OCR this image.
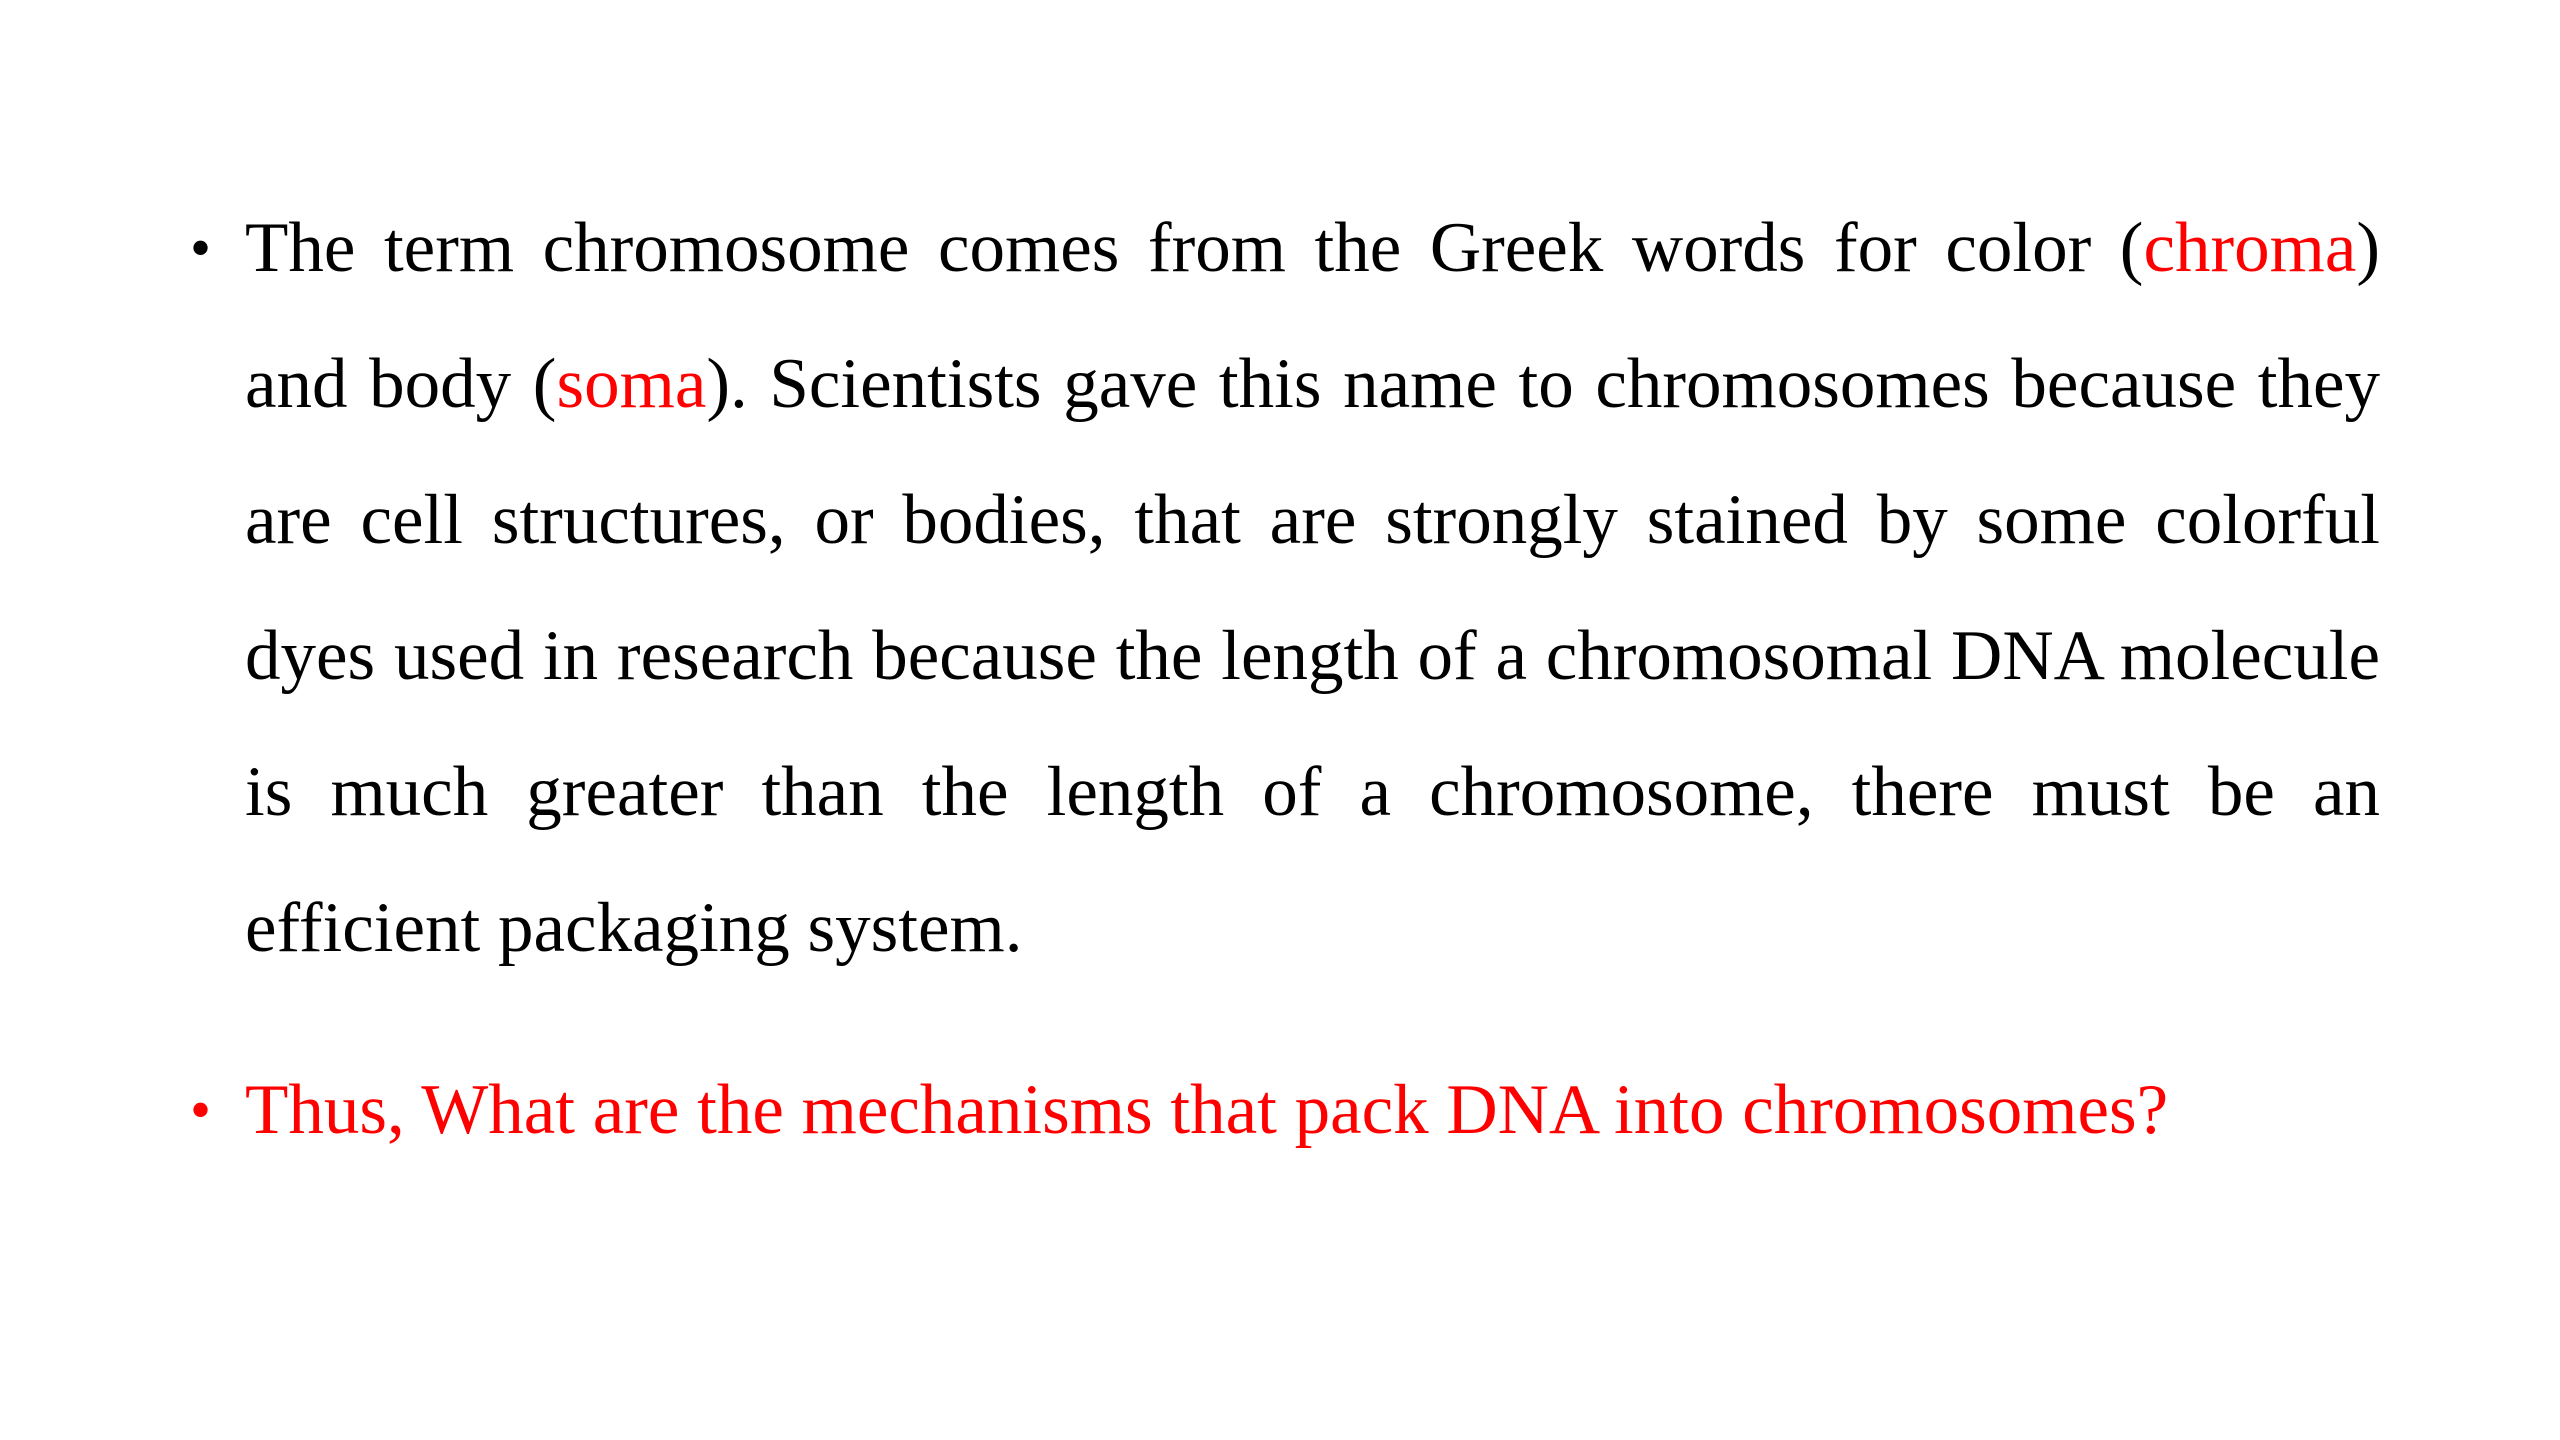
• The term chromosome comes from the Greek words for color (chroma) and body (soma). Scientists gave this name to chromosomes because they are cell structures, or bodies, that are strongly stained by some colorful dyes used in research because the length of a chromosomal DNA molecule is much greater than the length of a chromosome, there must be an efficient packaging system.
• Thus, What are the mechanisms that pack DNA into chromosomes?
